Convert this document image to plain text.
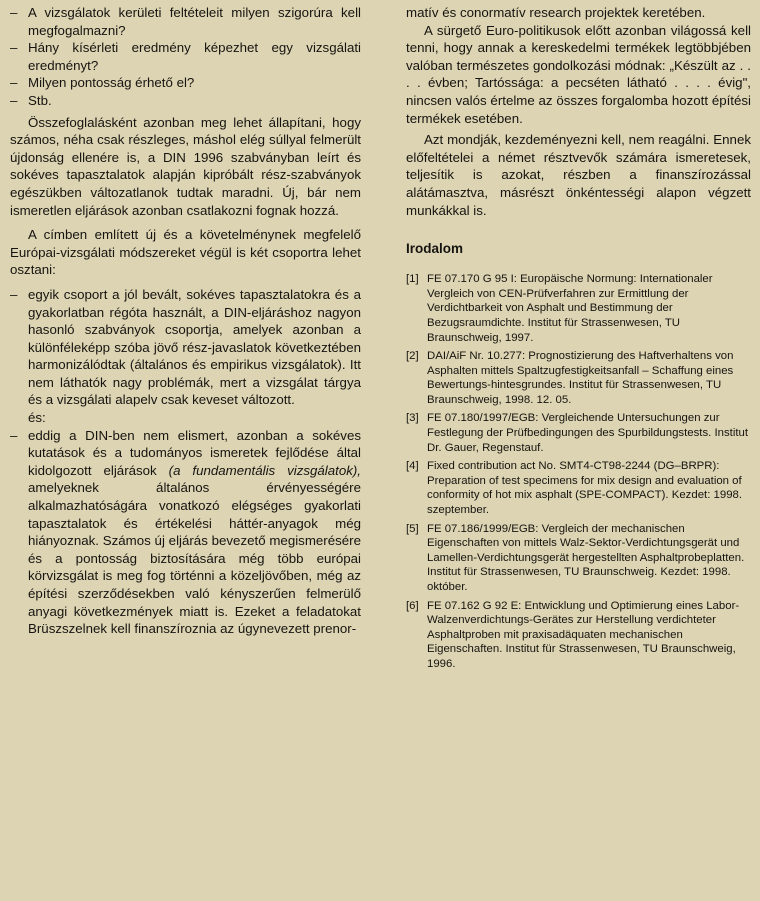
– A vizsgálatok kerületi feltételeit milyen szigorúra kell megfogalmazni?

– Hány kísérleti eredmény képezhet egy vizsgálati eredményt?

– Milyen pontosság érhető el?

– Stb.

Összefoglalásként azonban meg lehet állapítani, hogy számos, néha csak részleges, máshol elég súllyal felmerült újdonság ellenére is, a DIN 1996 szabványban leírt és sokéves tapasztalatok alapján kipróbált rész-szabványok egészükben változatlanok tudtak maradni. Új, bár nem ismeretlen eljárások azonban csatlakozni fognak hozzá.

A címben említett új és a követelménynek megfelelő Európai-vizsgálati módszereket végül is két csoportra lehet osztani:

– egyik csoport a jól bevált, sokéves tapasztalatokra és a gyakorlatban régóta használt, a DIN-eljáráshoz nagyon hasonló szabványok csoportja, amelyek azonban a különféleképp szóba jövő rész-javaslatok következtében harmonizálódtak (általános és empirikus vizsgálatok). Itt nem láthatók nagy problémák, mert a vizsgálat tárgya és a vizsgálati alapelv csak keveset változott.

és:

– eddig a DIN-ben nem elismert, azonban a sokéves kutatások és a tudományos ismeretek fejlődése által kidolgozott eljárások (a fundamentális vizsgálatok), amelyeknek általános érvényességére alkalmazhatóságára vonatkozó elégséges gyakorlati tapasztalatok és értékelési háttér-anyagok még hiányoznak. Számos új eljárás bevezető megismerésére és a pontosság biztosítására még több európai körvizsgálat is meg fog történni a közeljövőben, még az építési szerződésekben való kényszerűen felmerülő anyagi következmények miatt is. Ezeket a feladatokat Brüszszelnek kell finanszíroznia az úgynevezett prenor-

matív és conormatív research projektek keretében.

A sürgető Euro-politikusok előtt azonban világossá kell tenni, hogy annak a kereskedelmi termékek legtöbbjében valóban természetes gondolkozási módnak: „Készült az . . . . évben; Tartóssága: a pecséten látható . . . . évig", nincsen valós értelme az összes forgalomba hozott építési termékek esetében.

Azt mondják, kezdeményezni kell, nem reagálni. Ennek előfeltételei a német résztvevők számára ismeretesek, teljesítik is azokat, részben a finanszírozással alátámasztva, másrészt önkéntességi alapon végzett munkákkal is.

Irodalom
[1] FE 07.170 G 95 I: Europäische Normung: Internationaler Vergleich von CEN-Prüfverfahren zur Ermittlung der Verdichtbarkeit von Asphalt und Bestimmung der Bezugsraumdichte. Institut für Strassenwesen, TU Braunschweig, 1997.
[2] DAI/AiF Nr. 10.277: Prognostizierung des Haftverhaltens von Asphalten mittels Spaltzugfestigkeitsanfall – Schaffung eines Bewertungs-hintesgrundes. Institut für Strassenwesen, TU Braunschweig, 1998. 12. 05.
[3] FE 07.180/1997/EGB: Vergleichende Untersuchungen zur Festlegung der Prüfbedingungen des Spurbildungstests. Institut Dr. Gauer, Regenstauf.
[4] Fixed contribution act No. SMT4-CT98-2244 (DG–BRPR): Preparation of test specimens for mix design and evaluation of conformity of hot mix asphalt (SPE-COMPACT). Kezdet: 1998. szeptember.
[5] FE 07.186/1999/EGB: Vergleich der mechanischen Eigenschaften von mittels Walz-Sektor-Verdichtungsgerät und Lamellen-Verdichtungsgerät hergestellten Asphaltprobeplatten. Institut für Strassenwesen, TU Braunschweig. Kezdet: 1998. október.
[6] FE 07.162 G 92 E: Entwicklung und Optimierung eines Labor-Walzenverdichtungs-Gerätes zur Herstellung verdichteter Asphaltproben mit praxisadäquaten mechanischen Eigenschaften. Institut für Strassenwesen, TU Braunschweig, 1996.
